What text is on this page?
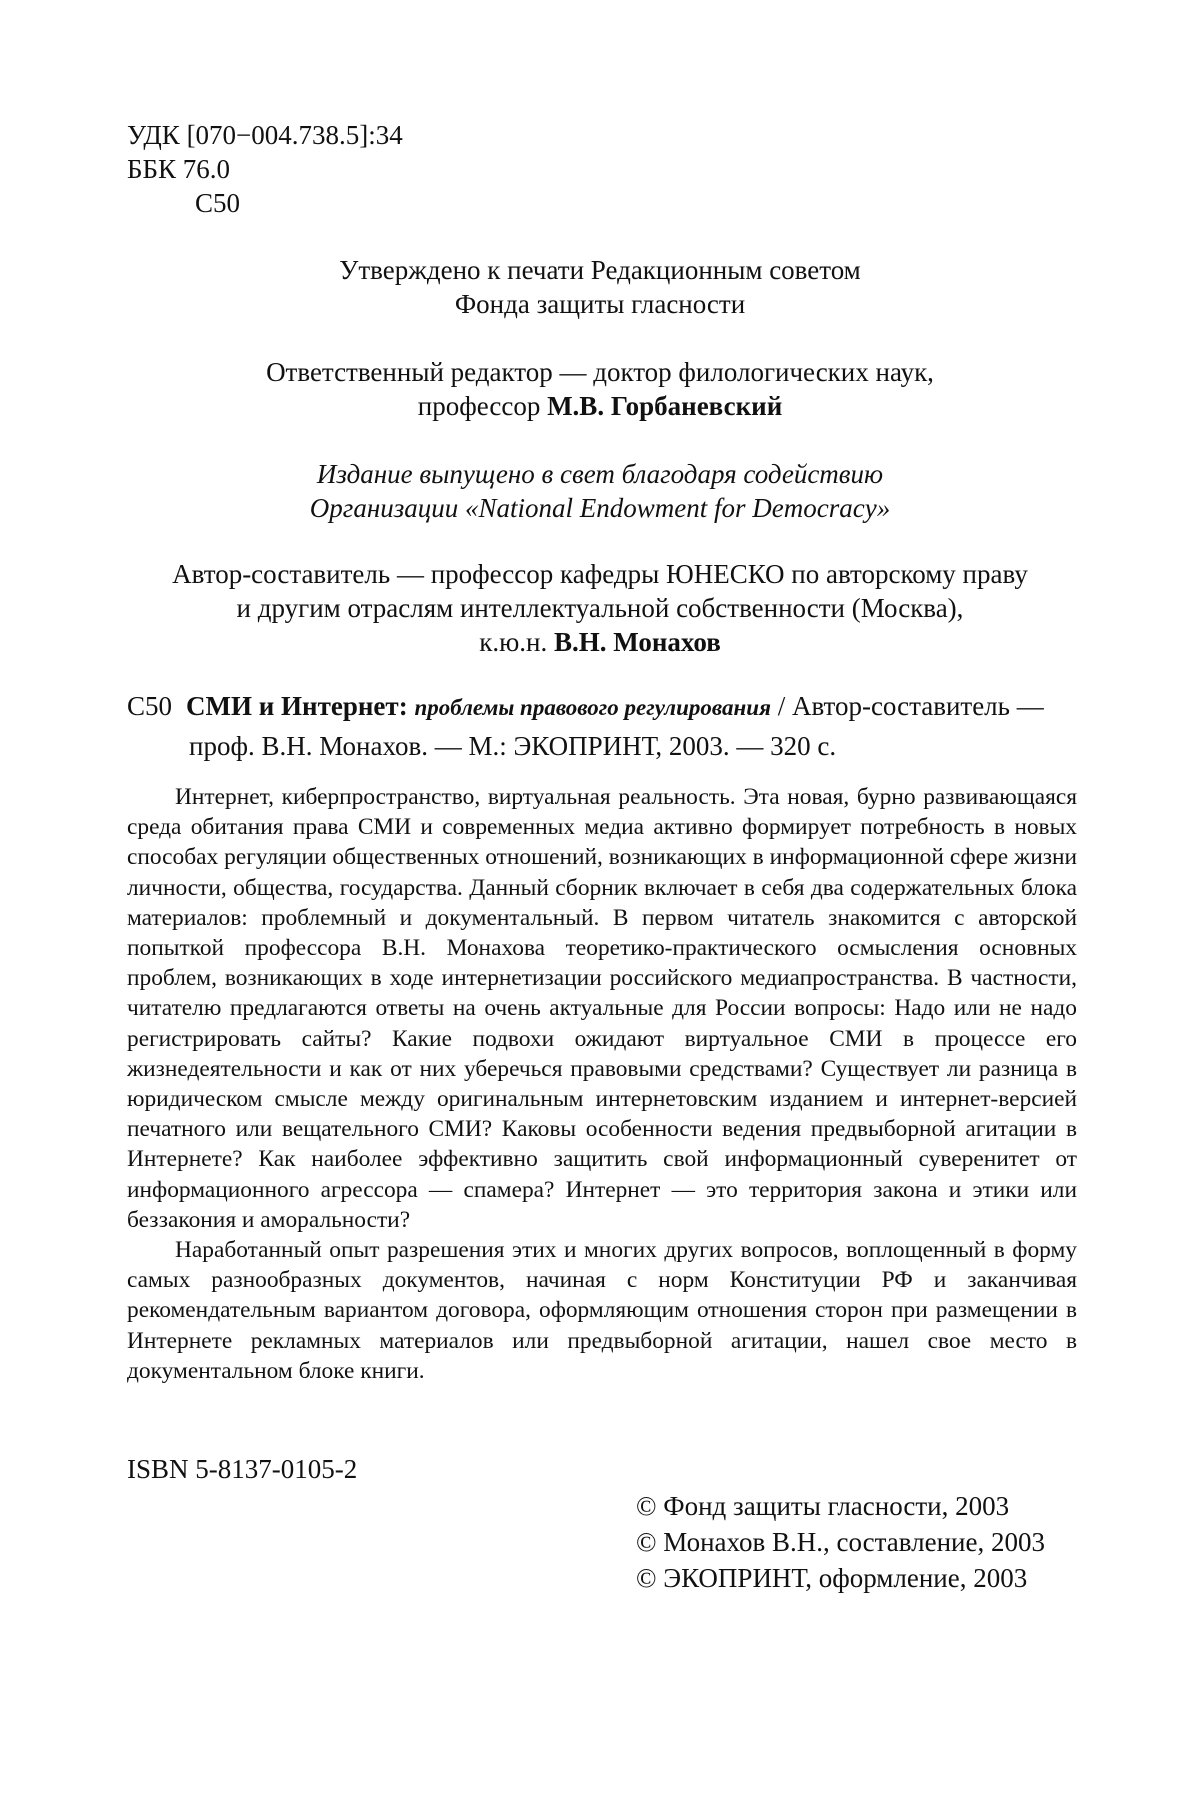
УДК [070−004.738.5]:34
ББК 76.0
С50
Утверждено к печати Редакционным советом
Фонда защиты гласности
Ответственный редактор — доктор филологических наук,
профессор М.В. Горбаневский
Издание выпущено в свет благодаря содействию
Организации «National Endowment for Democracy»
Автор-составитель — профессор кафедры ЮНЕСКО по авторскому праву
и другим отраслям интеллектуальной собственности (Москва),
к.ю.н. В.Н. Монахов
С50 СМИ и Интернет: проблемы правового регулирования / Автор-составитель —
проф. В.Н. Монахов. — М.: ЭКОПРИНТ, 2003. — 320 с.

Интернет, киберпространство, виртуальная реальность. Эта новая, бурно развивающаяся среда обитания права СМИ и современных медиа активно формирует потребность в новых способах регуляции общественных отношений, возникающих в информационной сфере жизни личности, общества, государства. Данный сборник включает в себя два содержательных блока материалов: проблемный и документальный. В первом читатель знакомится с авторской попыткой профессора В.Н. Монахова теоретико-практического осмысления основных проблем, возникающих в ходе интернетизации российского медиапространства. В частности, читателю предлагаются ответы на очень актуальные для России вопросы: Надо или не надо регистрировать сайты? Какие подвохи ожидают виртуальное СМИ в процессе его жизнедеятельности и как от них уберечься правовыми средствами? Существует ли разница в юридическом смысле между оригинальным интернетовским изданием и интернет-версией печатного или вещательного СМИ? Каковы особенности ведения предвыборной агитации в Интернете? Как наиболее эффективно защитить свой информационный суверенитет от информационного агрессора — спамера? Интернет — это территория закона и этики или беззакония и аморальности?

Наработанный опыт разрешения этих и многих других вопросов, воплощенный в форму самых разнообразных документов, начиная с норм Конституции РФ и заканчивая рекомендательным вариантом договора, оформляющим отношения сторон при размещении в Интернете рекламных материалов или предвыборной агитации, нашел свое место в документальном блоке книги.

ISBN 5-8137-0105-2
© Фонд защиты гласности, 2003
© Монахов В.Н., составление, 2003
© ЭКОПРИНТ, оформление, 2003
